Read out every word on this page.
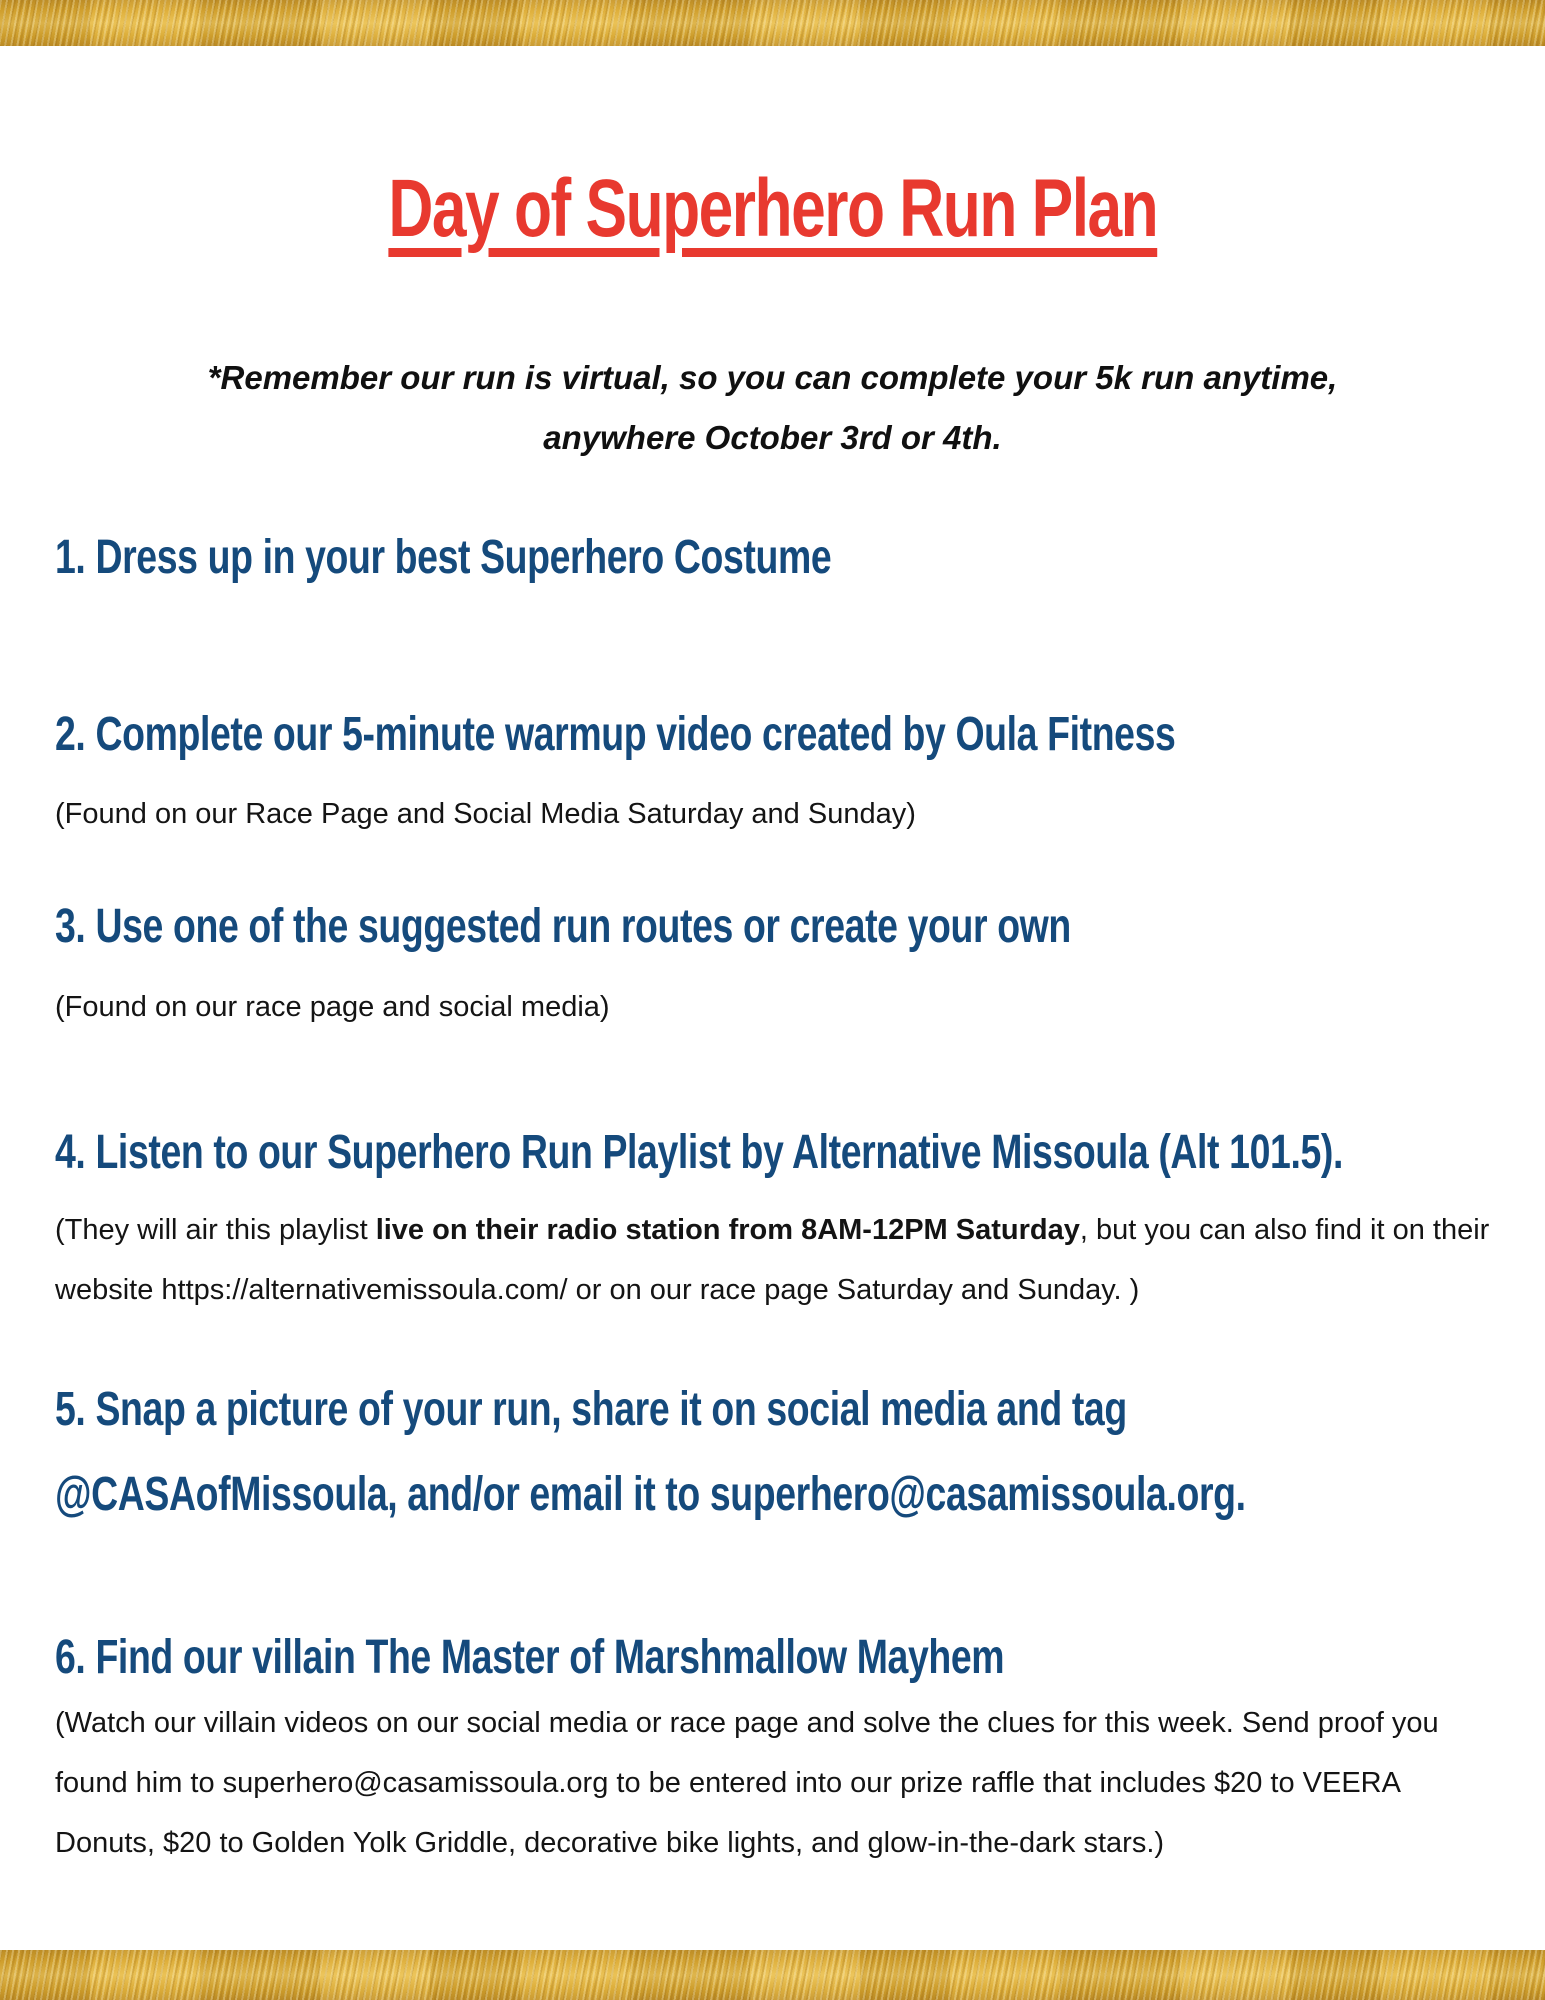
Day of Superhero Run Plan

*Remember our run is virtual, so you can complete your 5k run anytime, anywhere October 3rd or 4th.

1. Dress up in your best Superhero Costume
2. Complete our 5-minute warmup video created by Oula Fitness

(Found on our Race Page and Social Media Saturday and Sunday)

3. Use one of the suggested run routes or create your own

(Found on our race page and social media)

4. Listen to our Superhero Run Playlist by Alternative Missoula (Alt 101.5).

(They will air this playlist live on their radio station from 8AM-12PM Saturday, but you can also find it on their website https://alternativemissoula.com/ or on our race page Saturday and Sunday. )

5. Snap a picture of your run, share it on social media and tag @CASAofMissoula, and/or email it to superhero@casamissoula.org.
6. Find our villain The Master of Marshmallow Mayhem

(Watch our villain videos on our social media or race page and solve the clues for this week. Send proof you found him to superhero@casamissoula.org to be entered into our prize raffle that includes $20 to VEERA Donuts, $20 to Golden Yolk Griddle, decorative bike lights, and glow-in-the-dark stars.)
